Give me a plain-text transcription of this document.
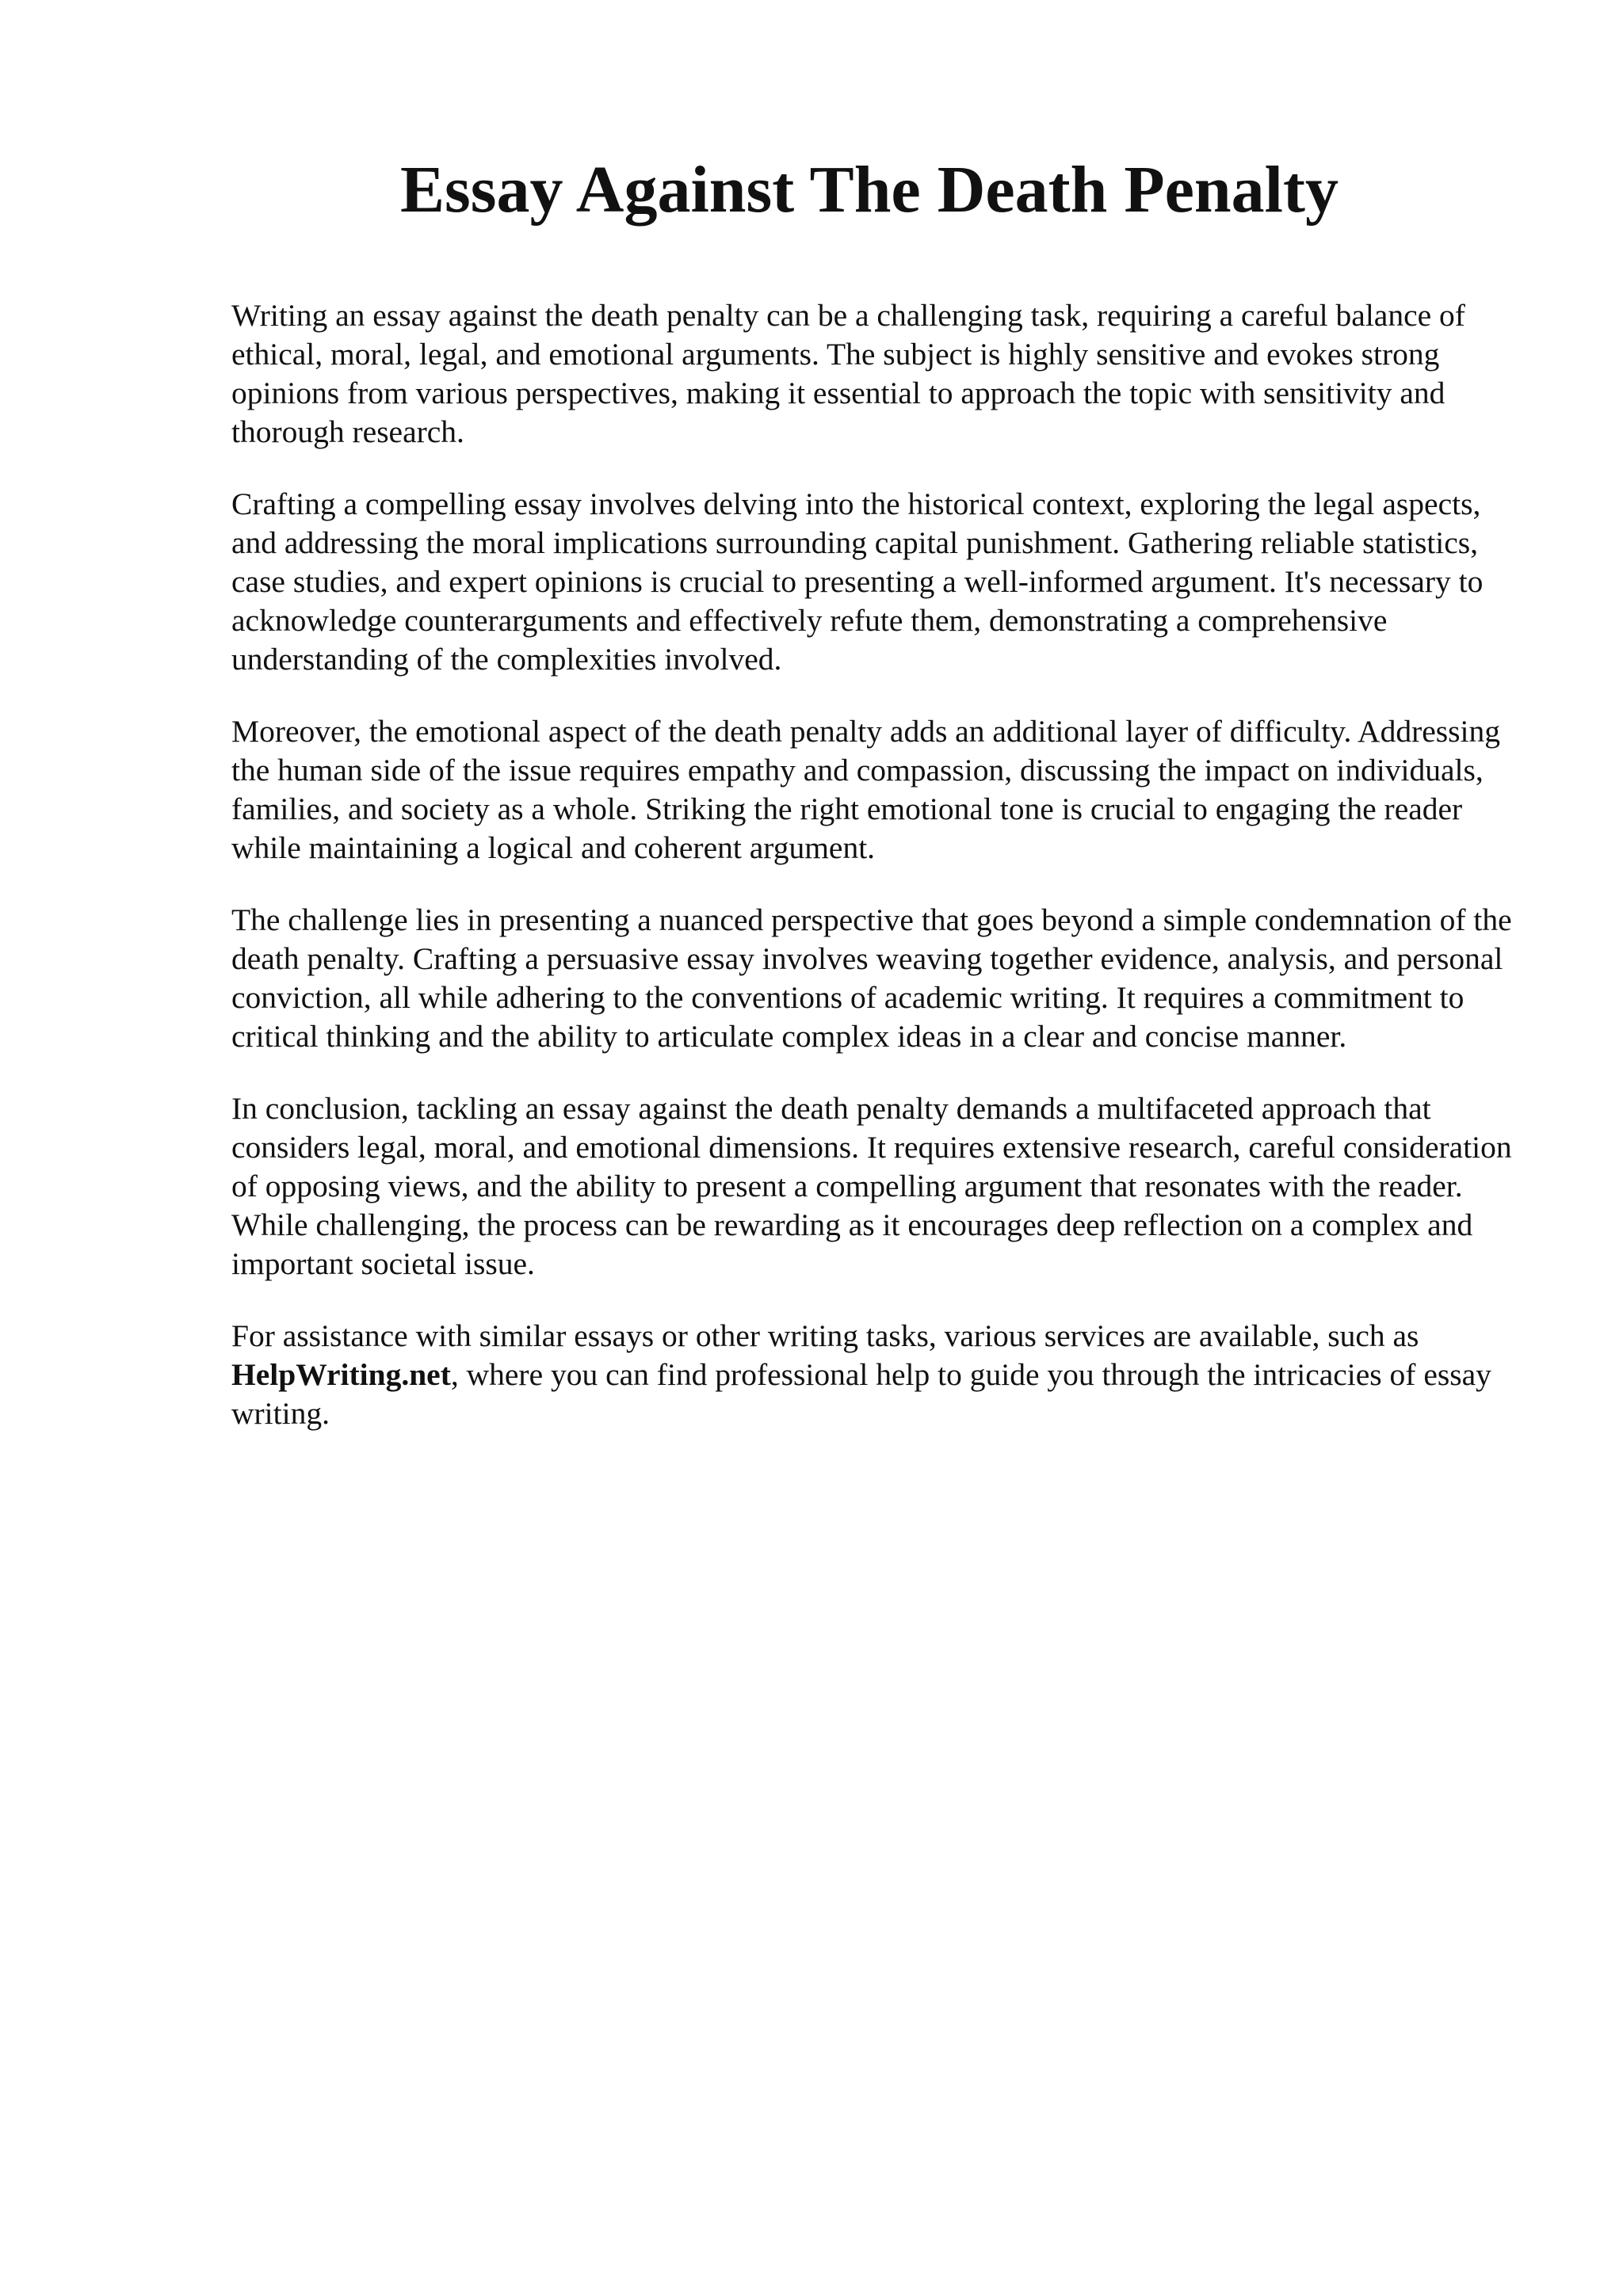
Essay Against The Death Penalty

Writing an essay against the death penalty can be a challenging task, requiring a careful balance of ethical, moral, legal, and emotional arguments. The subject is highly sensitive and evokes strong opinions from various perspectives, making it essential to approach the topic with sensitivity and thorough research.

Crafting a compelling essay involves delving into the historical context, exploring the legal aspects, and addressing the moral implications surrounding capital punishment. Gathering reliable statistics, case studies, and expert opinions is crucial to presenting a well-informed argument. It's necessary to acknowledge counterarguments and effectively refute them, demonstrating a comprehensive understanding of the complexities involved.

Moreover, the emotional aspect of the death penalty adds an additional layer of difficulty. Addressing the human side of the issue requires empathy and compassion, discussing the impact on individuals, families, and society as a whole. Striking the right emotional tone is crucial to engaging the reader while maintaining a logical and coherent argument.

The challenge lies in presenting a nuanced perspective that goes beyond a simple condemnation of the death penalty. Crafting a persuasive essay involves weaving together evidence, analysis, and personal conviction, all while adhering to the conventions of academic writing. It requires a commitment to critical thinking and the ability to articulate complex ideas in a clear and concise manner.

In conclusion, tackling an essay against the death penalty demands a multifaceted approach that considers legal, moral, and emotional dimensions. It requires extensive research, careful consideration of opposing views, and the ability to present a compelling argument that resonates with the reader. While challenging, the process can be rewarding as it encourages deep reflection on a complex and important societal issue.

For assistance with similar essays or other writing tasks, various services are available, such as HelpWriting.net, where you can find professional help to guide you through the intricacies of essay writing.
